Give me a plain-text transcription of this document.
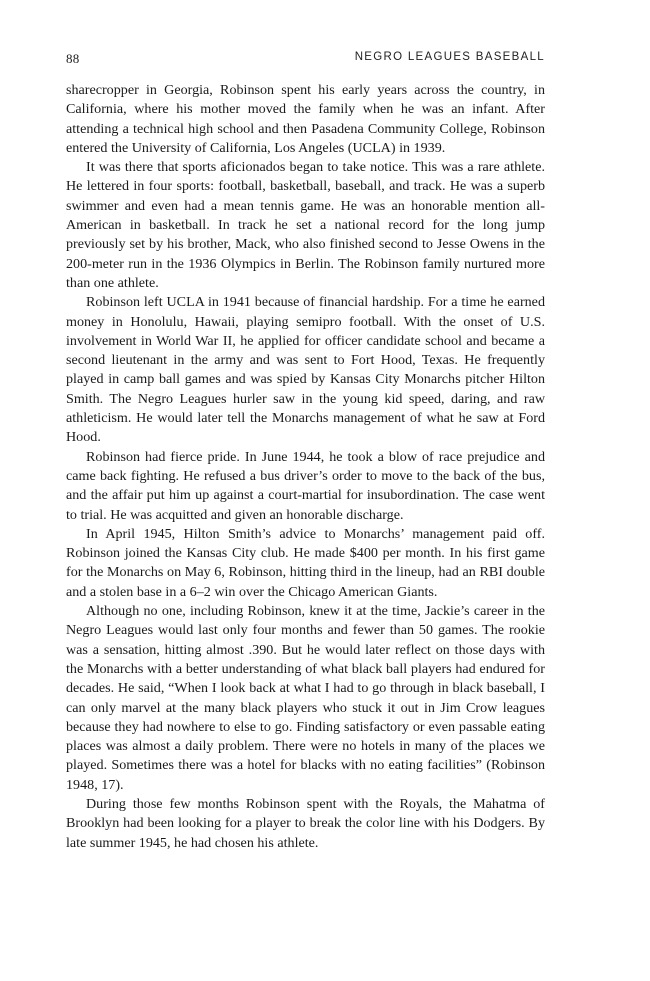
88	NEGRO LEAGUES BASEBALL

sharecropper in Georgia, Robinson spent his early years across the country, in California, where his mother moved the family when he was an infant. After attending a technical high school and then Pasadena Community College, Robinson entered the University of California, Los Angeles (UCLA) in 1939.

It was there that sports aficionados began to take notice. This was a rare athlete. He lettered in four sports: football, basketball, baseball, and track. He was a superb swimmer and even had a mean tennis game. He was an honorable mention all-American in basketball. In track he set a national record for the long jump previously set by his brother, Mack, who also finished second to Jesse Owens in the 200-meter run in the 1936 Olympics in Berlin. The Robinson family nurtured more than one athlete.

Robinson left UCLA in 1941 because of financial hardship. For a time he earned money in Honolulu, Hawaii, playing semipro football. With the onset of U.S. involvement in World War II, he applied for officer candidate school and became a second lieutenant in the army and was sent to Fort Hood, Texas. He frequently played in camp ball games and was spied by Kansas City Monarchs pitcher Hilton Smith. The Negro Leagues hurler saw in the young kid speed, daring, and raw athleticism. He would later tell the Monarchs management of what he saw at Ford Hood.

Robinson had fierce pride. In June 1944, he took a blow of race prejudice and came back fighting. He refused a bus driver’s order to move to the back of the bus, and the affair put him up against a court-martial for insubordination. The case went to trial. He was acquitted and given an honorable discharge.

In April 1945, Hilton Smith’s advice to Monarchs’ management paid off. Robinson joined the Kansas City club. He made $400 per month. In his first game for the Monarchs on May 6, Robinson, hitting third in the lineup, had an RBI double and a stolen base in a 6–2 win over the Chicago American Giants.

Although no one, including Robinson, knew it at the time, Jackie’s career in the Negro Leagues would last only four months and fewer than 50 games. The rookie was a sensation, hitting almost .390. But he would later reflect on those days with the Monarchs with a better understanding of what black ball players had endured for decades. He said, “When I look back at what I had to go through in black baseball, I can only marvel at the many black players who stuck it out in Jim Crow leagues because they had nowhere to else to go. Finding satisfactory or even passable eating places was almost a daily problem. There were no hotels in many of the places we played. Sometimes there was a hotel for blacks with no eating facilities” (Robinson 1948, 17).

During those few months Robinson spent with the Royals, the Mahatma of Brooklyn had been looking for a player to break the color line with his Dodgers. By late summer 1945, he had chosen his athlete.
